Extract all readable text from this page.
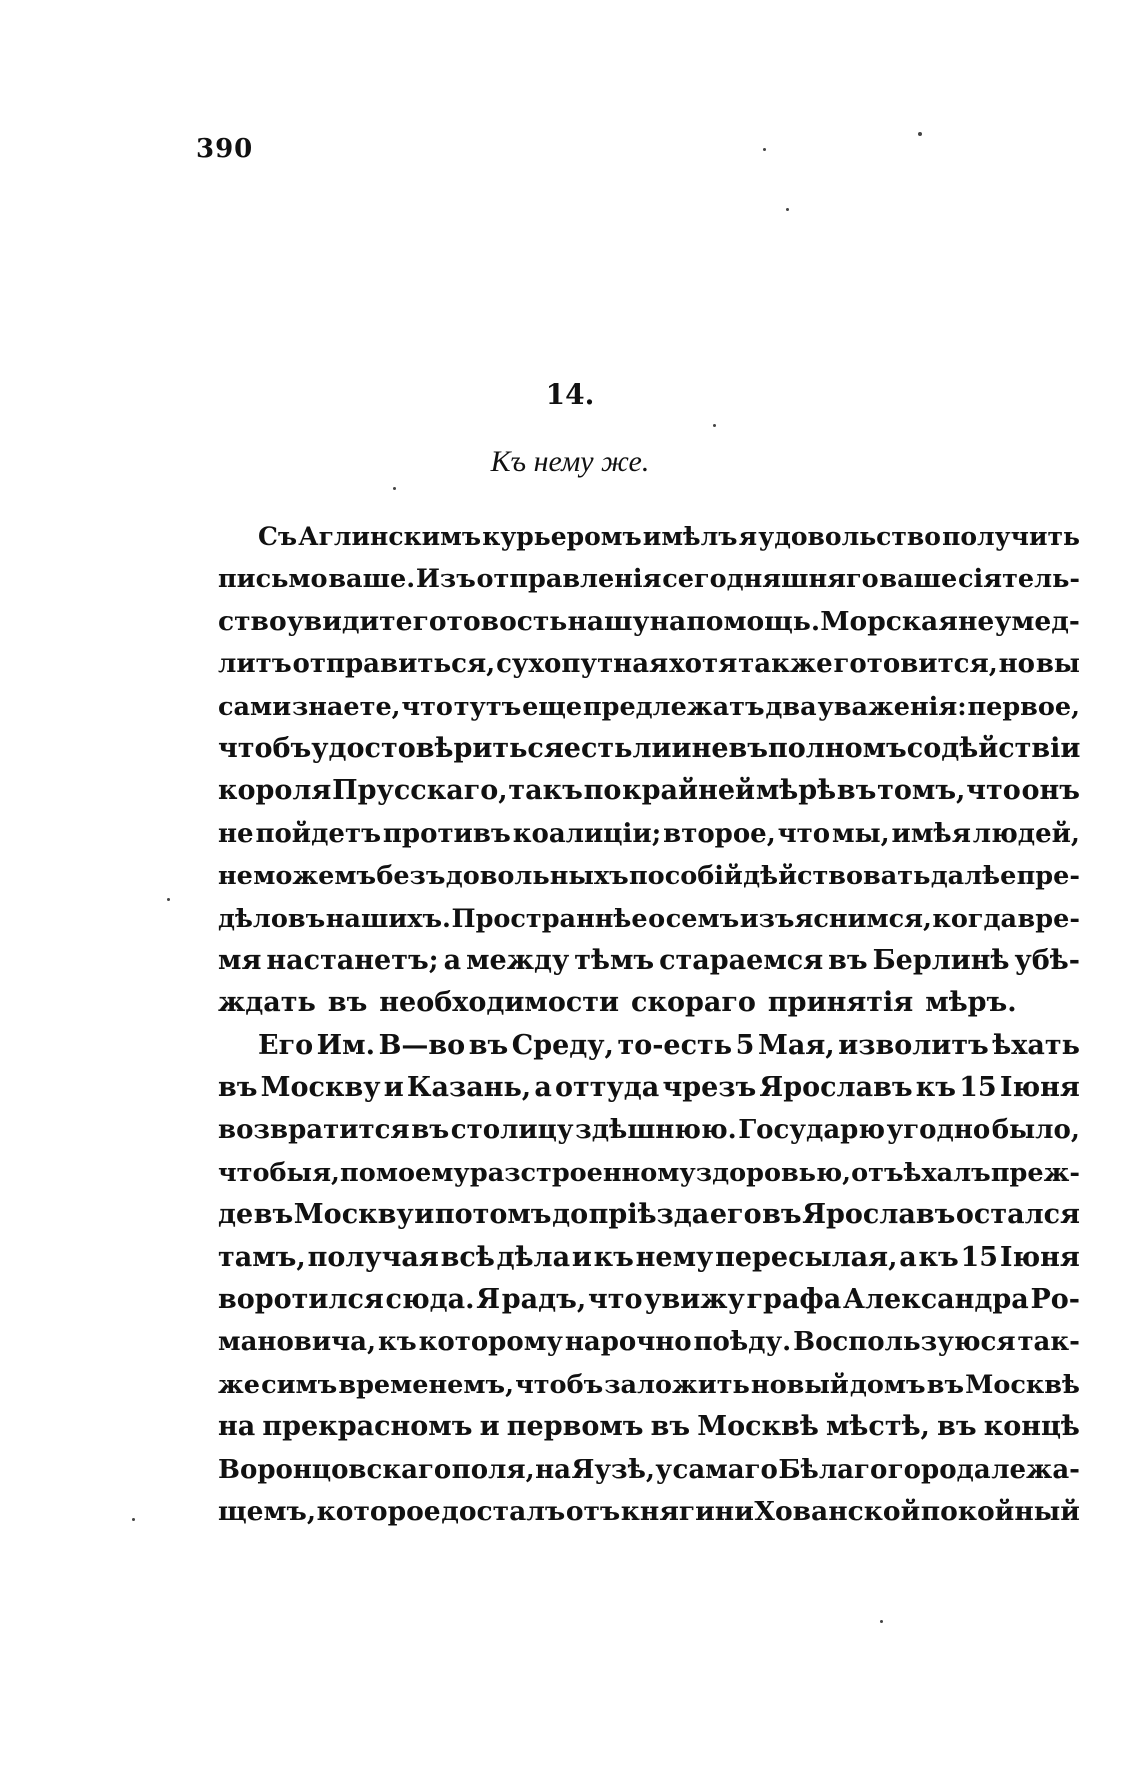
390
14.
Къ нему же.
Съ Аглинскимъ курьеромъ имѣлъ я удовольство получить
письмо ваше. Изъ отправленія сегодняшняго ваше сіятель-
ство увидите готовость нашу на помощь. Морская не умед-
литъ отправиться, сухопутная хотя также готовится, но вы
сами знаете, что тутъ еще предлежатъ два уваженія: первое,
чтобъ удостовѣриться естьли и не въ полномъ содѣйствіи
короля Прусскаго, такъ по крайней мѣрѣ въ томъ, что онъ
не пойдетъ противъ коалиціи; второе, что мы, имѣя людей,
не можемъ безъ довольныхъ пособій дѣйствовать далѣе пре-
дѣловъ нашихъ. Пространнѣе о семъ изъяснимся, когда вре-
мя настанетъ; а между тѣмъ стараемся въ Берлинѣ убѣ-
ждать въ необходимости скораго принятія мѣръ.
Его Им. В—во въ Среду, то-есть 5 Мая, изволитъ ѣхать
въ Москву и Казань, а оттуда чрезъ Ярославъ къ 15 Іюня
возвратится въ столицу здѣшнюю. Государю угодно было,
чтобы я, по моему разстроенному здоровью, отъѣхалъ преж-
де въ Москву и потомъ до пріѣзда его въ Ярославъ остался
тамъ, получая всѣ дѣла и къ нему пересылая, а къ 15 Іюня
воротился сюда. Я радъ, что увижу графа Александра Ро-
мановича, къ которому нарочно поѣду. Воспользуюся так-
же симъ временемъ, чтобъ заложить новый домъ въ Москвѣ
на прекрасномъ и первомъ въ Москвѣ мѣстѣ, въ концѣ
Воронцовскаго поля, на Яузѣ, у самаго Бѣлаго города лежа-
щемъ, которое досталъ отъ княгини Хованской покойный
